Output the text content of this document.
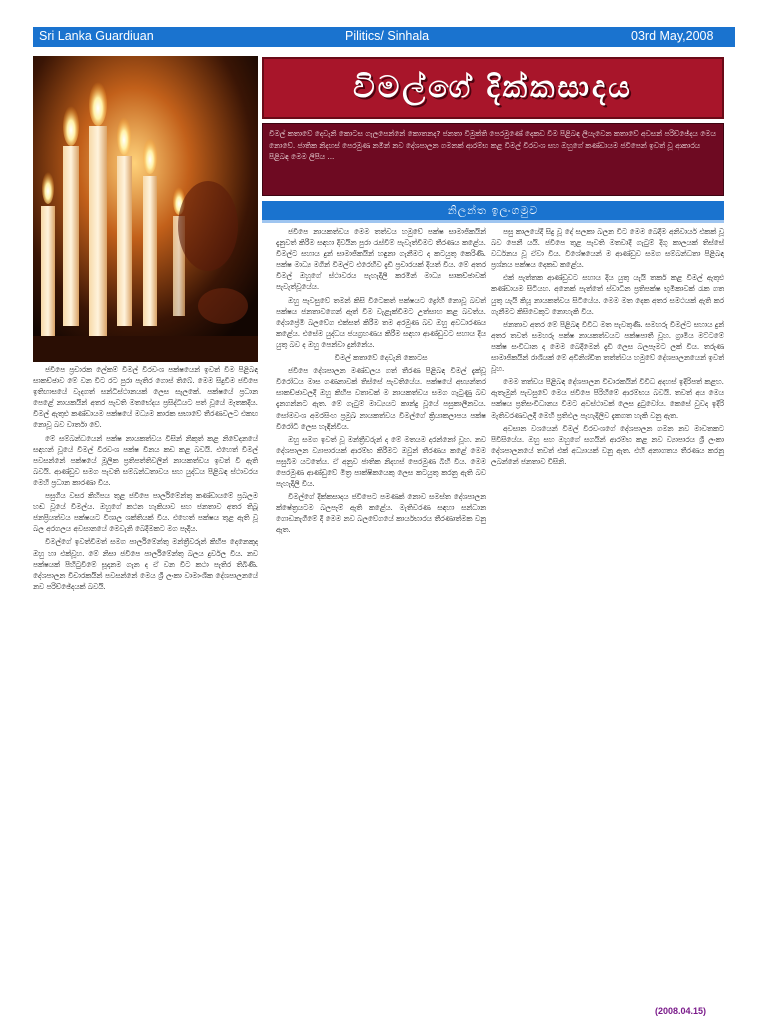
Sri Lanka Guardiuan	Pilitics/ Sinhala	03rd May,2008
විමල්ගේ දික්කසාදය
විමල් කතාවේ දෙවැනි කොටස ගැලපෙන්නේ කොතනද? ජනතා විමුක්ති පෙරමුණේ දෙකඩ වීම පිළිබඳ ලියැවෙන කතාවේ අවසන් පරිච්ඡේදය මෙය නොවේ. ජාතික නිදහස් පෙරමුණ නමින් නව දේශපාලන ගමනක් ආරම්භ කළ විමල් වීරවංශ සහ ඔහුගේ කණ්ඩායම ජවිපෙන් ඉවත් වූ ආකාරය පිළිබඳ මෙම ලිපිය ...
නිලන්ත ඉලංගමුව

ජවිපෙ ප්‍රචාරක ලේකම් විමල් වීරවංශ පක්ෂයෙන් ඉවත් වීම පිළිබඳ සාකච්ඡාව මේ වන විට රට පුරා පැතිර ගොස් තිබේ. මෙම සිදුවීම ජවිපෙ ඉතිහාසයේ වැදගත් සන්ධිස්ථානයක් ලෙස සැලකේ. පක්ෂයේ ප්‍රධාන පෙළේ නායකයින් අතර පැවති මතභේදය ප්‍රසිද්ධියට පත් වූයේ මෑතකදීය. විමල් ඇතුළු කණ්ඩායම පක්ෂයේ මධ්‍යම කාරක සභාවේ තීරණවලට එකඟ නොවූ බව වාර්තා වේ.

මේ සම්බන්ධයෙන් පක්ෂ නායකත්වය විසින් නිකුත් කළ නිවේදනයේ සඳහන් වූයේ විමල් වීරවංශ පක්ෂ විනය කඩ කළ බවයි. එහෙත් විමල් පවසන්නේ පක්ෂයේ මූලික ප්‍රතිපත්තිවලින් නායකත්වය ඉවත් වී ඇති බවයි. ආණ්ඩුව සමග පැවති සම්බන්ධතාවය සහ යුද්ධය පිළිබඳ ස්ථාවරය මෙහි ප්‍රධාන කාරණා විය.

පසුගිය වසර කිහිපය තුළ ජවිපෙ පාර්ලිමේන්තු කණ්ඩායමේ ප්‍රබලම හඬ වූයේ විමල්ය. ඔහුගේ කථන හැකියාව සහ ජනතාව අතර තිබූ ජනප්‍රියත්වය පක්ෂයට විශාල ශක්තියක් විය. එහෙත් පක්ෂය තුළ ඇති වූ බල අරගලය අවසානයේ මෙවැනි බෙදීමකට මග පෑදීය.

විමල්ගේ ඉවත්වීමත් සමග පාර්ලිමේන්තු මන්ත්‍රීවරුන් කිහිප දෙනෙකුද ඔහු හා එක්වූහ. මේ නිසා ජවිපෙ පාර්ලිමේන්තු බලය දුර්වල විය. නව පක්ෂයක් පිහිටුවීමේ සූදානම ගැන ද ඒ වන විට කථා පැතිර තිබිණි. දේශපාලන විචාරකයින් පවසන්නේ මෙය ශ්‍රී ලංකා වාමාංශික දේශපාලනයේ නව පරිච්ඡේදයක් බවයි.

ජවිපෙ නායකත්වය මෙම තත්වය හමුවේ පක්ෂ සාමාජිකයින් දැනුවත් කිරීම සඳහා දිවයින පුරා රැස්වීම් පැවැත්වීමට තීරණය කළේය. විමල්ට සහාය දුන් සාමාජිකයින් හඳුනා ගැනීමට ද කටයුතු කෙරිණි. පක්ෂ මාධ්‍ය මගින් විමල්ට එරෙහිව දැඩි ප්‍රචාරයක් දියත් විය. මේ අතර විමල් ඔහුගේ ස්ථාවරය පැහැදිලි කරමින් මාධ්‍ය සාකච්ඡාවක් පැවැත්වූයේය.

ඔහු පැවසුවේ තමන් කිසි විටෙකත් පක්ෂයට ද්‍රෝහී නොවූ බවත් පක්ෂය ජනතාවගෙන් ඈත් වීම වැළැක්වීමට උත්සාහ කළ බවත්ය. දේශප්‍රේමී බලවේග එක්සත් කිරීම තම අරමුණ බව ඔහු අවධාරණය කළේය. එසේම යුද්ධය ජයග්‍රහණය කිරීම සඳහා ආණ්ඩුවට සහාය දිය යුතු බව ද ඔහු පෙන්වා දුන්නේය.

විමල් කතාවේ දෙවැනි කොටස

ජවිපෙ දේශපාලන මණ්ඩලය ගත් තීරණ පිළිබඳ විමල් දැක්වූ විරෝධය මාස ගණනාවක් තිස්සේ පැවතියේය. පක්ෂයේ අභ්‍යන්තර සාකච්ඡාවලදී ඔහු කිහිප වතාවක් ම නායකත්වය සමග ගැටුණු බව දැනගන්නට ඇත. මේ ගැටුම් මාධ්‍යයට කාන්දු වූයේ පසුකාලීනවය. සෝමවංශ අමරසිංහ ප්‍රමුඛ නායකත්වය විමල්ගේ ක්‍රියාකලාපය පක්ෂ විරෝධී ලෙස හැඳින්වීය.

ඔහු සමග ඉවත් වූ මන්ත්‍රීවරුන් ද මේ මතයම දරන්නෝ වූහ. නව දේශපාලන ව්‍යාපාරයක් ආරම්භ කිරීමට ඔවුන් තීරණය කළේ මෙම පසුබිම යටතේය. ඒ අනුව ජාතික නිදහස් පෙරමුණ බිහි විය. මෙම පෙරමුණ ආණ්ඩුවේ මිත්‍ර පාක්ෂිකයෙකු ලෙස කටයුතු කරනු ඇති බව පැහැදිලි විය.

විමල්ගේ දික්කසාදය ජවිපෙට පමණක් නොව සමස්ත දේශපාලන ක්ෂේත්‍රයටම බලපෑම් ඇති කළේය. මැතිවරණ සඳහා සන්ධාන ගොඩනැගීමේ දී මෙම නව බලවේගයේ කාර්යභාරය තීරණාත්මක වනු ඇත.

පසු කාලයේදී සිදු වූ දේ සලකා බලන විට මෙම බෙදීම අනිවාර්ය එකක් වූ බව පෙනී යයි. ජවිපෙ තුළ පැවති මතවාදී ගැටුම් දිගු කාලයක් තිස්සේ වර්ධනය වූ ඒවා විය. විශේෂයෙන් ම ආණ්ඩුව සමග සම්බන්ධතා පිළිබඳ ප්‍රශ්නය පක්ෂය දෙකඩ කළේය.

එක් පැත්තක ආණ්ඩුවට සහාය දිය යුතු යැයි තර්ක කළ විමල් ඇතුළු කණ්ඩායම සිටියහ. අනෙක් පැත්තේ ස්වාධීන ප්‍රතිපක්ෂ භූමිකාවක් රැක ගත යුතු යැයි කියූ නායකත්වය සිටියේය. මෙම මත දෙක අතර සමථයක් ඇති කර ගැනීමට කිසිවෙකුට නොහැකි විය.

ජනතාව අතර මේ පිළිබඳ විවිධ මත පැවතුණි. සමහරු විමල්ට සහාය දුන් අතර තවත් සමහරු පක්ෂ නායකත්වයට පක්ෂපාතී වූහ. ග්‍රාමීය මට්ටමේ පක්ෂ සංවිධාන ද මෙම බෙදීමෙන් දැඩි ලෙස බලපෑමට ලක් විය. තරුණ සාමාජිකයින් රාශියක් මේ අවිනිශ්චිත තත්ත්වය හමුවේ දේශපාලනයෙන් ඉවත් වූහ.

මෙම තත්වය පිළිබඳ දේශපාලන විචාරකයින් විවිධ අදහස් ඉදිරිපත් කළහ. ඇතැමුන් පැවසුවේ මෙය ජවිපෙ පිරිහීමේ ආරම්භය බවයි. තවත් අය මෙය පක්ෂය ප්‍රතිසංවිධානය වීමට අවස්ථාවක් ලෙස දුටුවෝය. කෙසේ වුවද ඉදිරි මැතිවරණවලදී මෙහි ප්‍රතිඵල පැහැදිලිව දැකගත හැකි වනු ඇත.

අවසාන වශයෙන් විමල් වීරවංශගේ දේශපාලන ගමන නව මාවතකට පිවිසියේය. ඔහු සහ ඔහුගේ සගයින් ආරම්භ කළ නව ව්‍යාපාරය ශ්‍රී ලංකා දේශපාලනයේ තවත් එක් අධ්‍යායක් වනු ඇත. එහි අනාගතය තීරණය කරනු ලබන්නේ ජනතාව විසිනි.

(2008.04.15)
